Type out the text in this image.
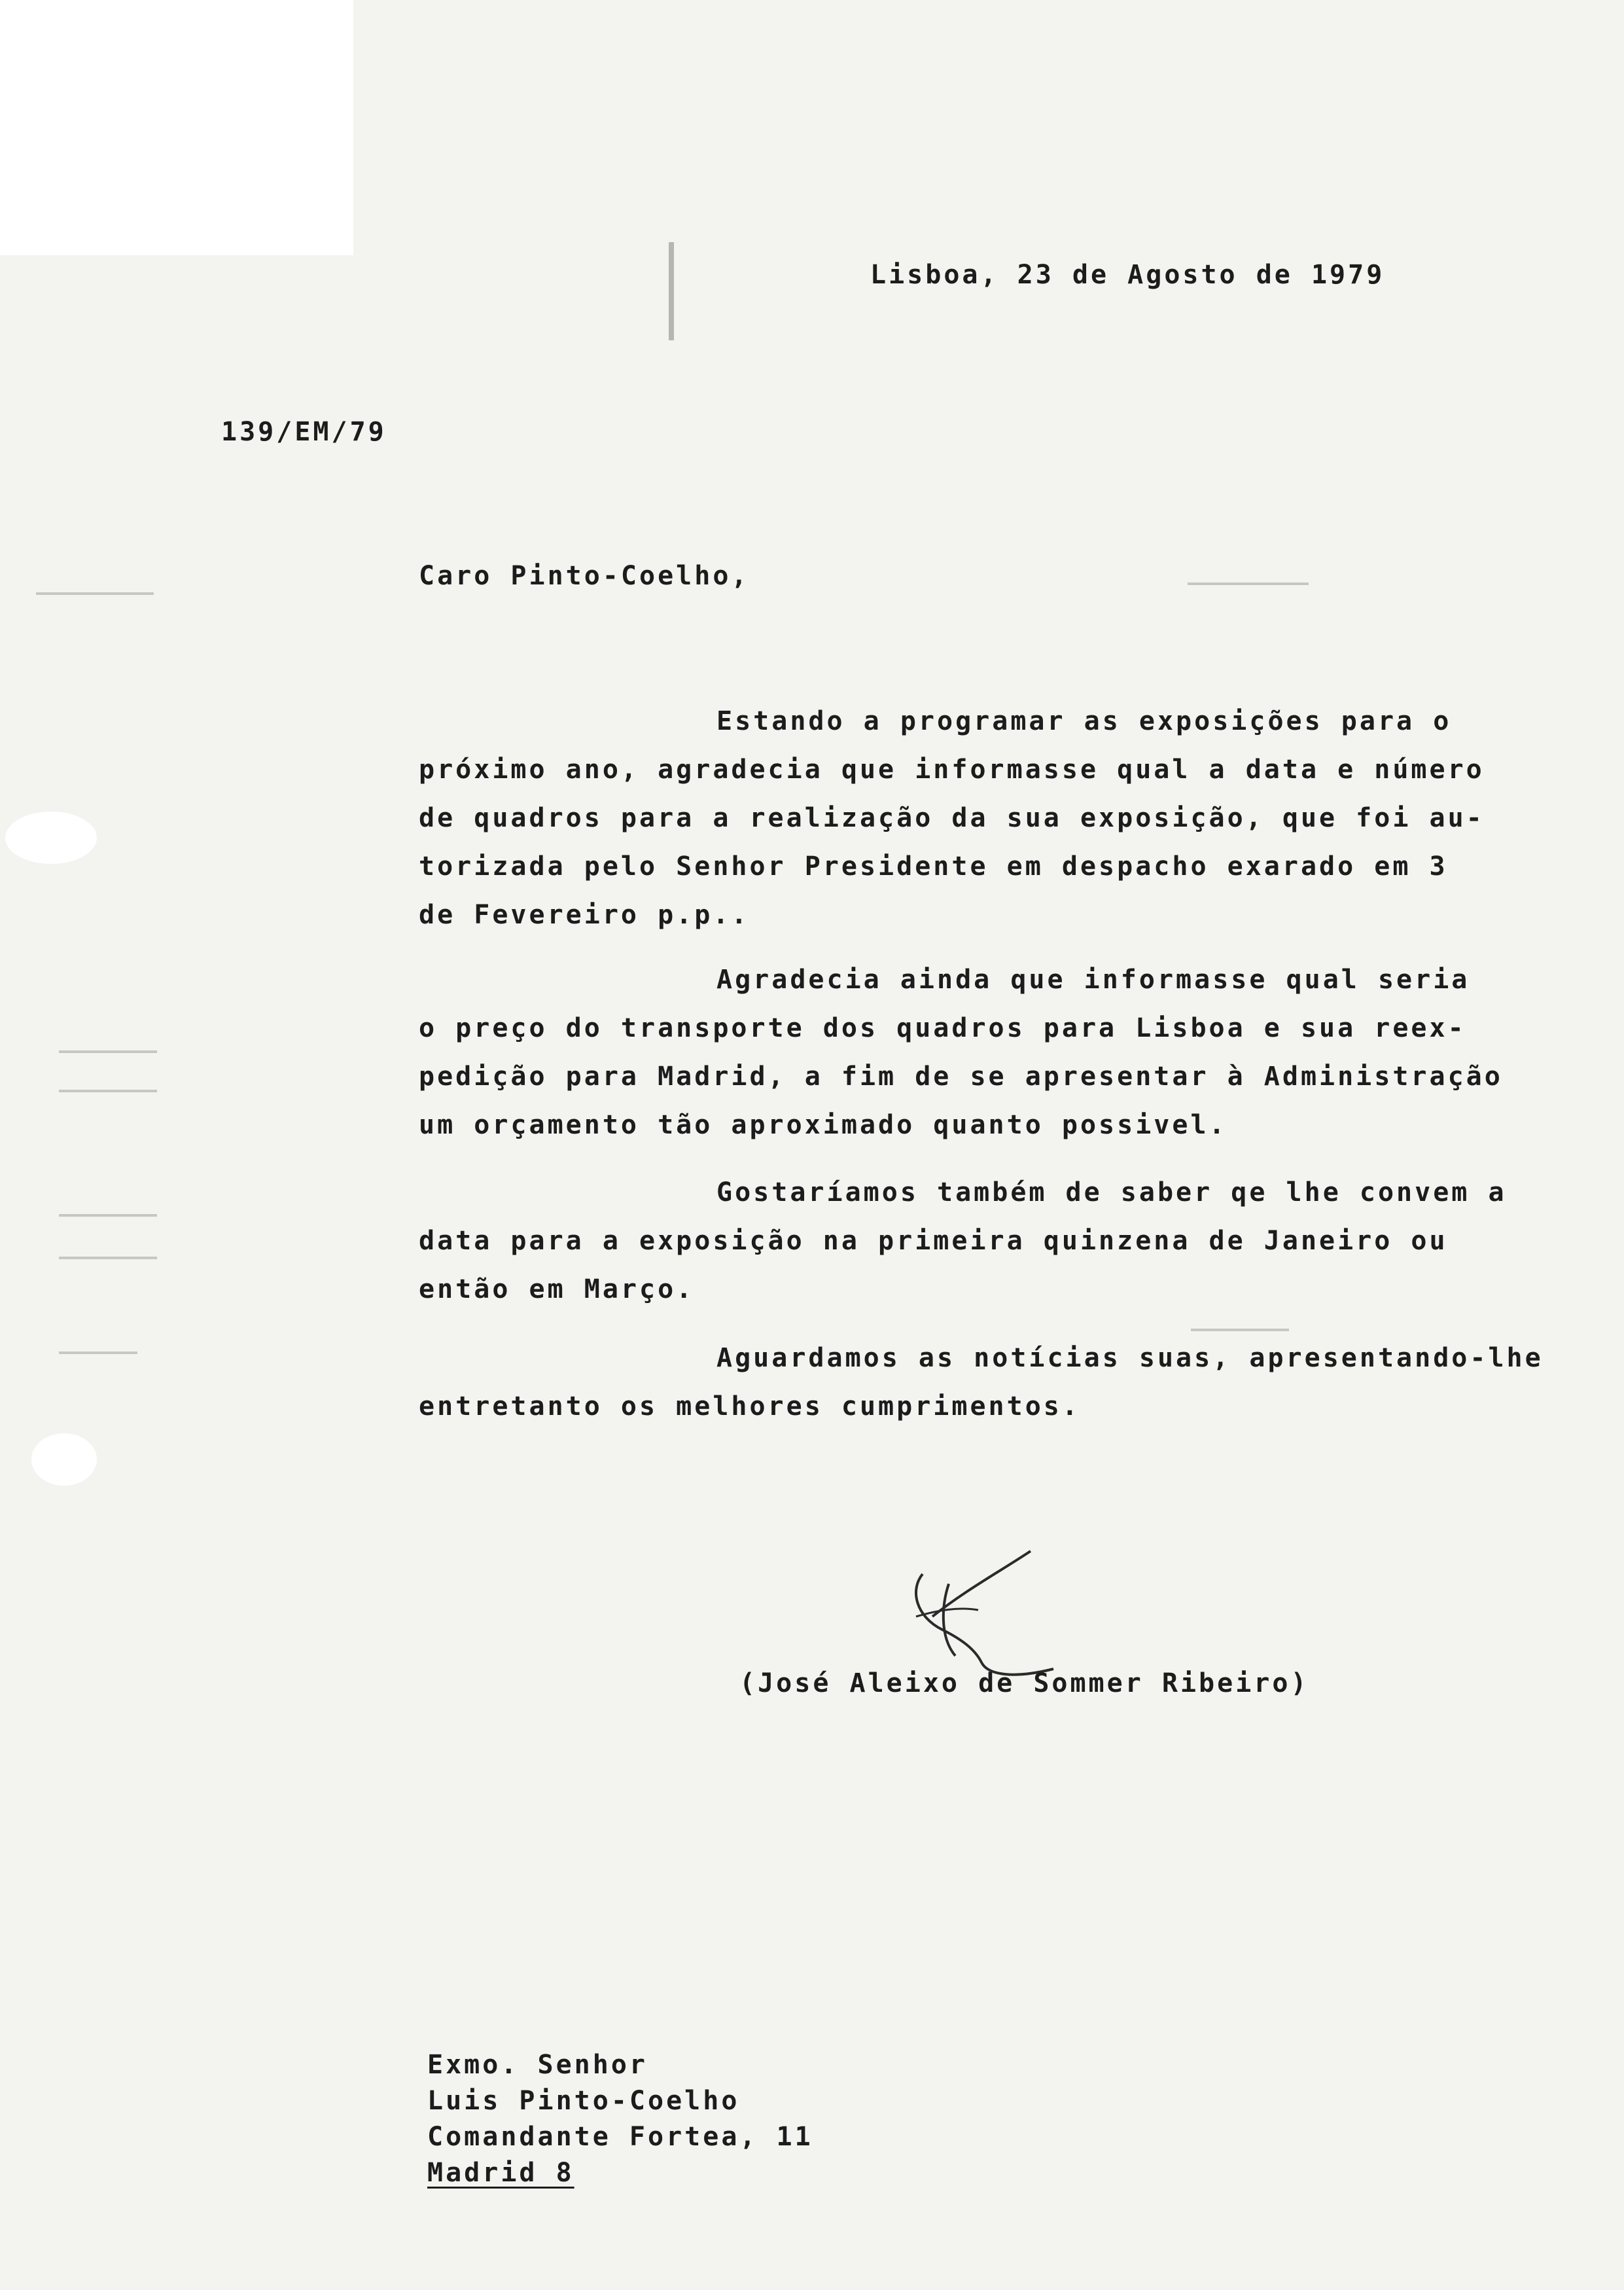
Lisboa, 23 de Agosto de 1979
139/EM/79
Caro Pinto-Coelho,
Estando a programar as exposições para o
próximo ano, agradecia que informasse qual a data e número
de quadros para a realização da sua exposição, que foi au-
torizada pelo Senhor Presidente em despacho exarado em 3
de Fevereiro p.p..
Agradecia ainda que informasse qual seria
o preço do transporte dos quadros para Lisboa e sua reex-
pedição para Madrid, a fim de se apresentar à Administração
um orçamento tão aproximado quanto possivel.
Gostaríamos também de saber qe lhe convem a
data para a exposição na primeira quinzena de Janeiro ou
então em Março.
Aguardamos as notícias suas, apresentando-lhe
entretanto os melhores cumprimentos.
(José Aleixo de Sommer Ribeiro)
Exmo. Senhor
Luis Pinto-Coelho
Comandante Fortea, 11
Madrid 8
